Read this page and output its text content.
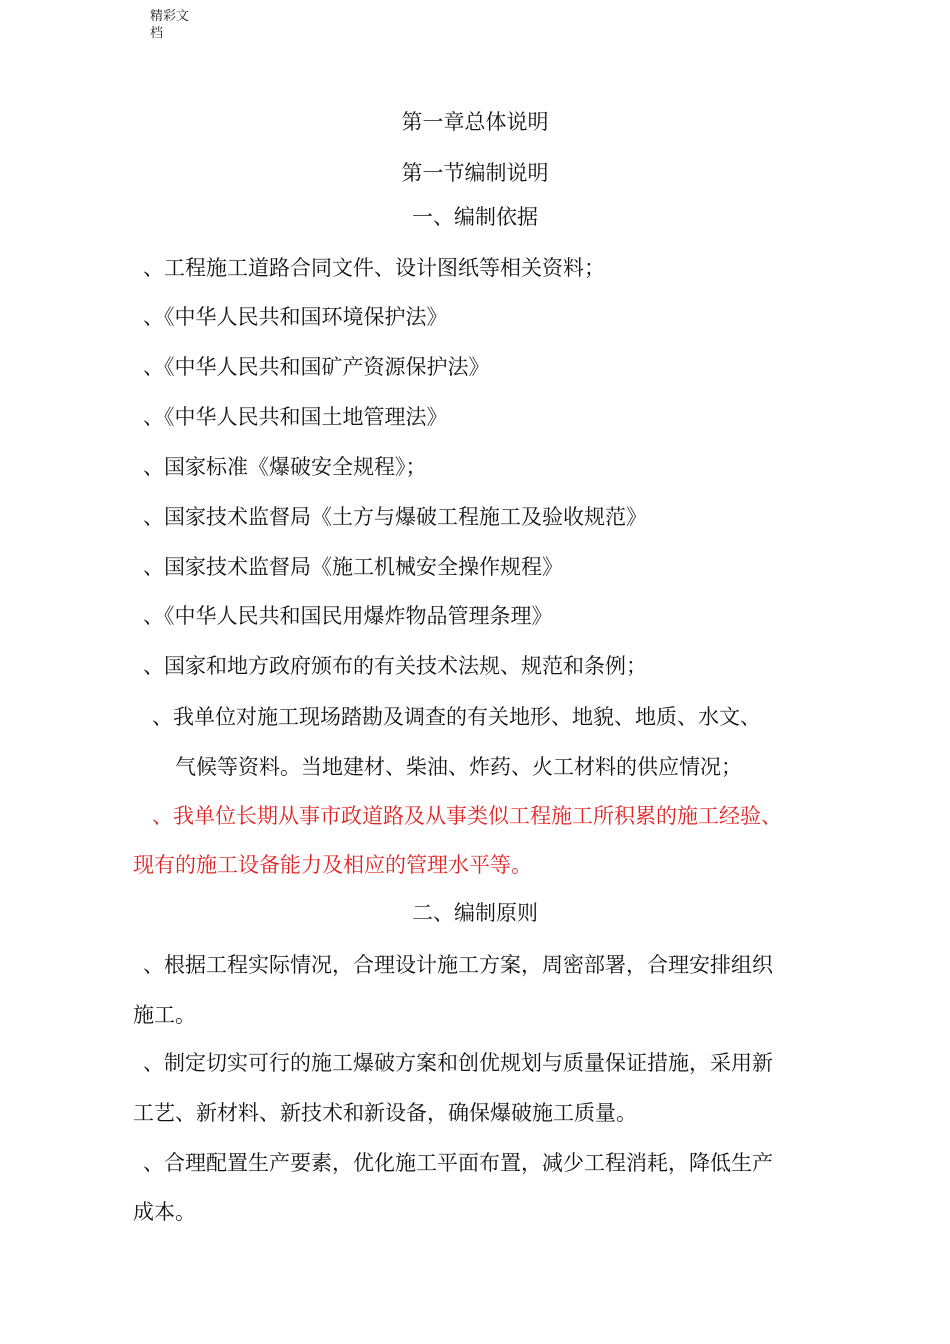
精彩文档
第一章总体说明
第一节编制说明
一、编制依据
、工程施工道路合同文件、设计图纸等相关资料；
、《中华人民共和国环境保护法》
、《中华人民共和国矿产资源保护法》
、《中华人民共和国土地管理法》
、国家标准《爆破安全规程》；
、国家技术监督局《土方与爆破工程施工及验收规范》
、国家技术监督局《施工机械安全操作规程》
、《中华人民共和国民用爆炸物品管理条理》
、国家和地方政府颁布的有关技术法规、规范和条例；
、我单位对施工现场踏勘及调查的有关地形、地貌、地质、水文、
气候等资料。当地建材、柴油、炸药、火工材料的供应情况；
、我单位长期从事市政道路及从事类似工程施工所积累的施工经验、
现有的施工设备能力及相应的管理水平等。
二、编制原则
、根据工程实际情况，合理设计施工方案，周密部署，合理安排组织
施工。
、制定切实可行的施工爆破方案和创优规划与质量保证措施，采用新
工艺、新材料、新技术和新设备，确保爆破施工质量。
、合理配置生产要素，优化施工平面布置，减少工程消耗，降低生产
成本。
